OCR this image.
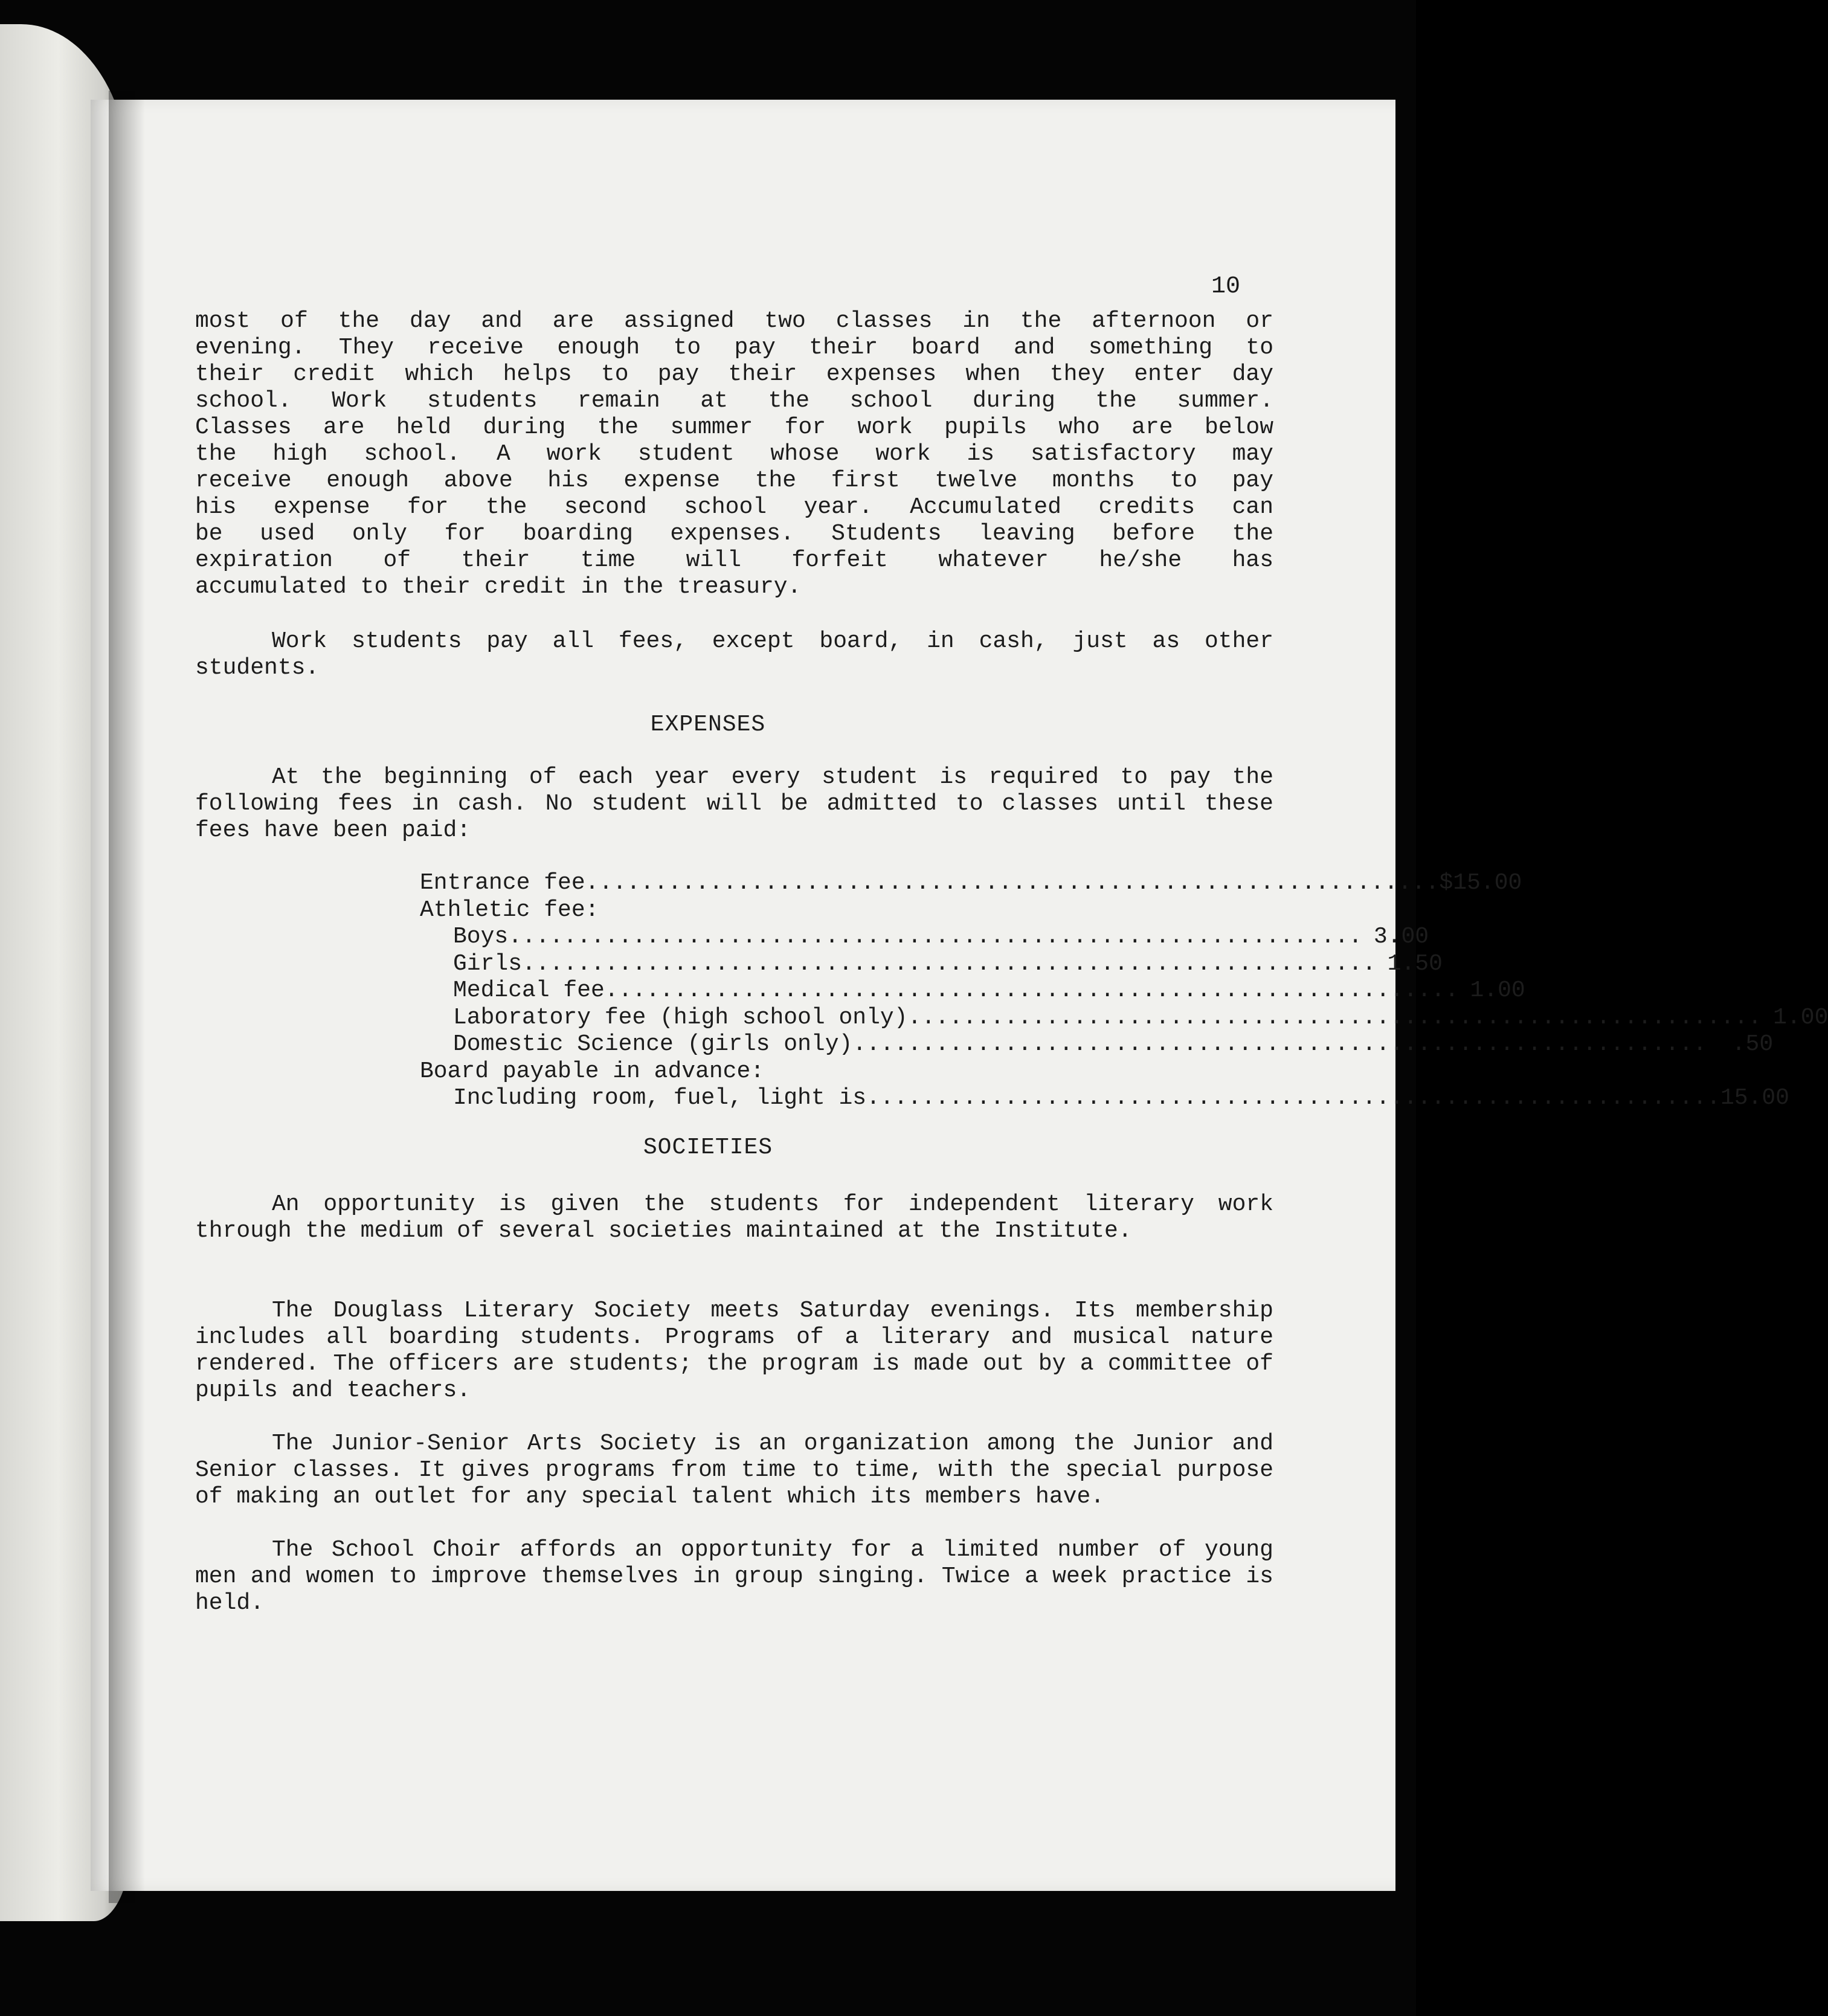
10

most of the day and are assigned two classes in the afternoon or

evening. They receive enough to pay their board and something to

their credit which helps to pay their expenses when they enter day

school. Work students remain at the school during the summer.

Classes are held during the summer for work pupils who are below

the high school. A work student whose work is satisfactory may

receive enough above his expense the first twelve months to pay

his expense for the second school year. Accumulated credits can

be used only for boarding expenses. Students leaving before the

expiration of their time will forfeit whatever he/she has

accumulated to their credit in the treasury.

Work students pay all fees, except board, in cash, just as other students.

EXPENSES

At the beginning of each year every student is required to pay the following fees in cash. No student will be admitted to classes until these fees have been paid:

Entrance fee .............................................................. $15.00
Athletic fee:
Boys .............................................................. 3.00
Girls .............................................................. 1.50
Medical fee .............................................................. 1.00
Laboratory fee (high school only) .............................................................. 1.00
Domestic Science (girls only) ..............................................................	.50
Board payable in advance:
Including room, fuel, light is .............................................................. 15.00
SOCIETIES

An opportunity is given the students for independent literary work through the medium of several societies maintained at the Institute.

The Douglass Literary Society meets Saturday evenings. Its membership includes all boarding students. Programs of a literary and musical nature rendered. The officers are students; the program is made out by a committee of pupils and teachers.

The Junior-Senior Arts Society is an organization among the Junior and Senior classes. It gives programs from time to time, with the special purpose of making an outlet for any special talent which its members have.

The School Choir affords an opportunity for a limited number of young men and women to improve themselves in group singing. Twice a week practice is held.
